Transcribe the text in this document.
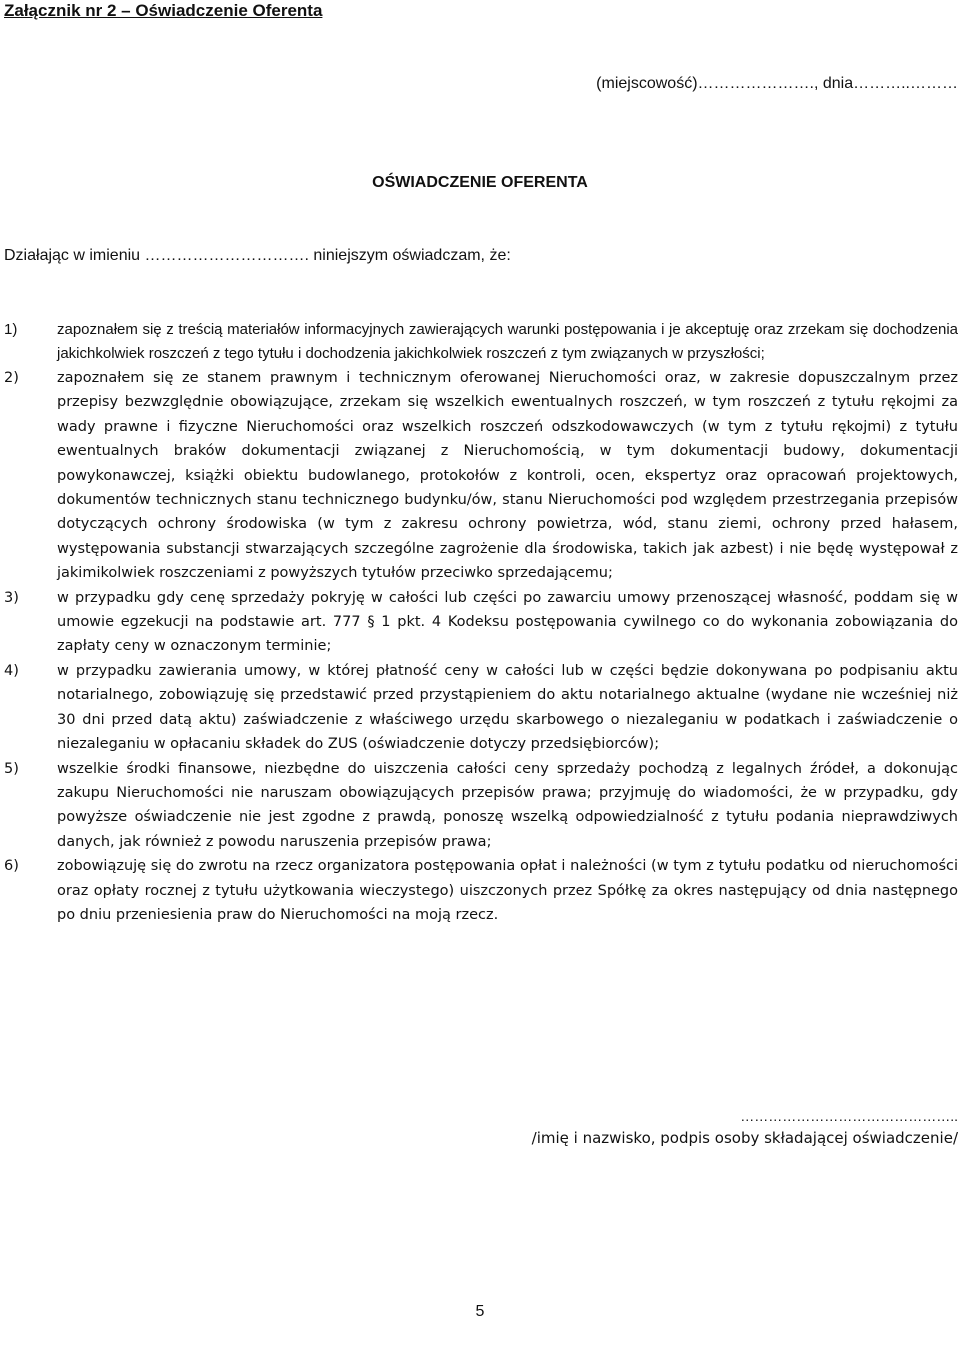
Załącznik nr 2 – Oświadczenie Oferenta
(miejscowość)…………………., dnia………..………
OŚWIADCZENIE OFERENTA
Działając w imieniu …………………………. niniejszym oświadczam, że:
1)	zapoznałem się z treścią materiałów informacyjnych zawierających warunki postępowania i je akceptuję oraz zrzekam się dochodzenia jakichkolwiek roszczeń z tego tytułu i dochodzenia jakichkolwiek roszczeń z tym związanych w przyszłości;
2)	zapoznałem się ze stanem prawnym i technicznym oferowanej Nieruchomości oraz, w zakresie dopuszczalnym przez przepisy bezwzględnie obowiązujące, zrzekam się wszelkich ewentualnych roszczeń, w tym roszczeń z tytułu rękojmi za wady prawne i fizyczne Nieruchomości oraz wszelkich roszczeń odszkodowawczych (w tym z tytułu rękojmi) z tytułu ewentualnych braków dokumentacji związanej z Nieruchomością, w tym dokumentacji budowy, dokumentacji powykonawczej, książki obiektu budowlanego, protokołów z kontroli, ocen, ekspertyz oraz opracowań projektowych, dokumentów technicznych stanu technicznego budynku/ów, stanu Nieruchomości pod względem przestrzegania przepisów dotyczących ochrony środowiska (w tym z zakresu ochrony powietrza, wód, stanu ziemi, ochrony przed hałasem, występowania substancji stwarzających szczególne zagrożenie dla środowiska, takich jak azbest) i nie będę występował z jakimikolwiek roszczeniami z powyższych tytułów przeciwko sprzedającemu;
3)	w przypadku gdy cenę sprzedaży pokryję w całości lub części po zawarciu umowy przenoszącej własność, poddam się w umowie egzekucji na podstawie art. 777 § 1 pkt. 4 Kodeksu postępowania cywilnego co do wykonania zobowiązania do zapłaty ceny w oznaczonym terminie;
4)	w przypadku zawierania umowy, w której płatność ceny w całości lub w części będzie dokonywana po podpisaniu aktu notarialnego, zobowiązuję się przedstawić przed przystąpieniem do aktu notarialnego aktualne (wydane nie wcześniej niż 30 dni przed datą aktu) zaświadczenie z właściwego urzędu skarbowego o niezaleganiu w podatkach i zaświadczenie o niezaleganiu w opłacaniu składek do ZUS (oświadczenie dotyczy przedsiębiorców);
5)	wszelkie środki finansowe, niezbędne do uiszczenia całości ceny sprzedaży pochodzą z legalnych źródeł, a dokonując zakupu Nieruchomości nie naruszam obowiązujących przepisów prawa; przyjmuję do wiadomości, że w przypadku, gdy powyższe oświadczenie nie jest zgodne z prawdą, ponoszę wszelką odpowiedzialność z tytułu podania nieprawdziwych danych, jak również z powodu naruszenia przepisów prawa;
6)	zobowiązuję się do zwrotu na rzecz organizatora postępowania opłat i należności (w tym z tytułu podatku od nieruchomości oraz opłaty rocznej z tytułu użytkowania wieczystego) uiszczonych przez Spółkę za okres następujący od dnia następnego po dniu przeniesienia praw do Nieruchomości na moją rzecz.
………………………………………..
/imię i nazwisko, podpis osoby składającej oświadczenie/
5
